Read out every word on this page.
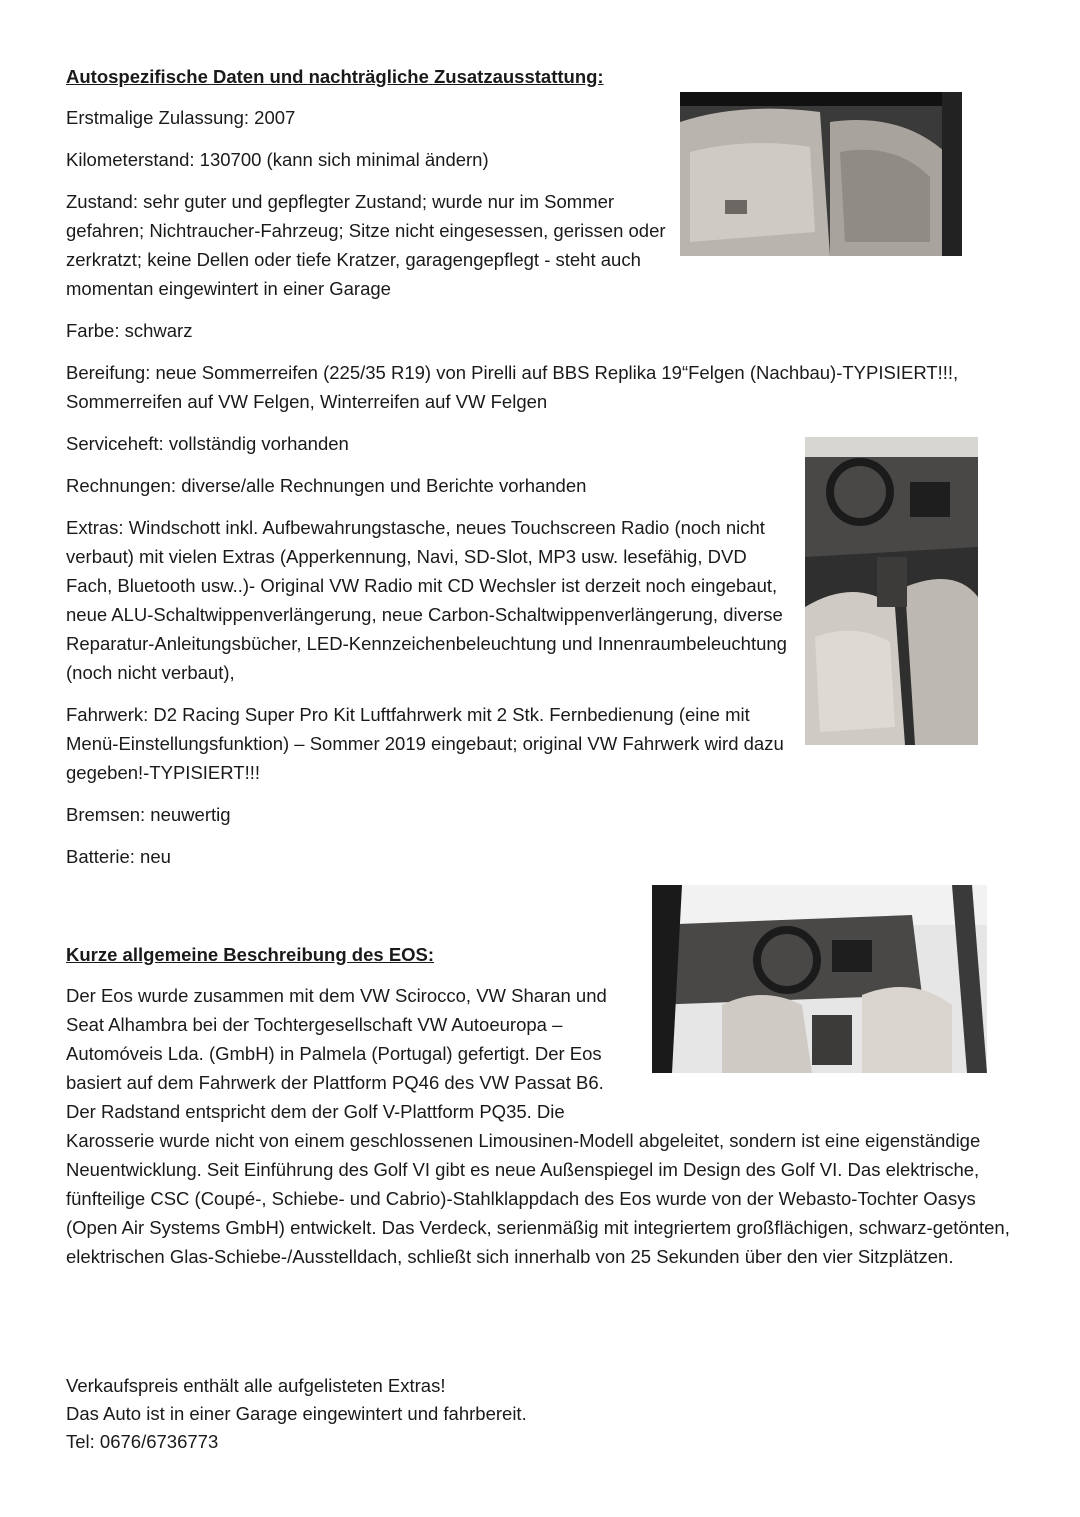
Autospezifische Daten und nachträgliche Zusatzausstattung:
Erstmalige Zulassung: 2007
Kilometerstand: 130700 (kann sich minimal ändern)
Zustand: sehr guter und gepflegter Zustand; wurde nur im Sommer gefahren; Nichtraucher-Fahrzeug; Sitze nicht eingesessen, gerissen oder zerkratzt; keine Dellen oder tiefe Kratzer, garagengepflegt - steht auch momentan eingewintert in einer Garage
Farbe: schwarz
Bereifung: neue Sommerreifen (225/35 R19) von Pirelli auf BBS Replika 19“Felgen (Nachbau)-TYPISIERT!!!, Sommerreifen auf VW Felgen, Winterreifen auf VW Felgen
Serviceheft: vollständig vorhanden
Rechnungen: diverse/alle Rechnungen und Berichte vorhanden
Extras: Windschott inkl. Aufbewahrungstasche, neues Touchscreen Radio (noch nicht verbaut) mit vielen Extras (Apperkennung, Navi, SD-Slot, MP3 usw. lesefähig, DVD Fach, Bluetooth usw..)- Original VW Radio mit CD Wechsler ist derzeit noch eingebaut, neue ALU-Schaltwippenverlängerung, neue Carbon-Schaltwippenverlängerung, diverse Reparatur-Anleitungsbücher, LED-Kennzeichenbeleuchtung und Innenraumbeleuchtung (noch nicht verbaut),
Fahrwerk: D2 Racing Super Pro Kit Luftfahrwerk mit 2 Stk. Fernbedienung (eine mit Menü-Einstellungsfunktion) – Sommer 2019 eingebaut; original VW Fahrwerk wird dazu gegeben!-TYPISIERT!!!
Bremsen: neuwertig
Batterie: neu
Kurze allgemeine Beschreibung des EOS:
Der Eos wurde zusammen mit dem VW Scirocco, VW Sharan und Seat Alhambra bei der Tochtergesellschaft VW Autoeuropa – Automóveis Lda. (GmbH) in Palmela (Portugal) gefertigt. Der Eos basiert auf dem Fahrwerk der Plattform PQ46 des VW Passat B6. Der Radstand entspricht dem der Golf V-Plattform PQ35. Die Karosserie wurde nicht von einem geschlossenen Limousinen-Modell abgeleitet, sondern ist eine eigenständige Neuentwicklung. Seit Einführung des Golf VI gibt es neue Außenspiegel im Design des Golf VI. Das elektrische, fünfteilige CSC (Coupé-, Schiebe- und Cabrio)-Stahlklappdach des Eos wurde von der Webasto-Tochter Oasys (Open Air Systems GmbH) entwickelt. Das Verdeck, serienmäßig mit integriertem großflächigen, schwarz-getönten, elektrischen Glas-Schiebe-/Ausstelldach, schließt sich innerhalb von 25 Sekunden über den vier Sitzplätzen.
Verkaufspreis enthält alle aufgelisteten Extras!
Das Auto ist in einer Garage eingewintert und fahrbereit.
Tel: 0676/6736773
